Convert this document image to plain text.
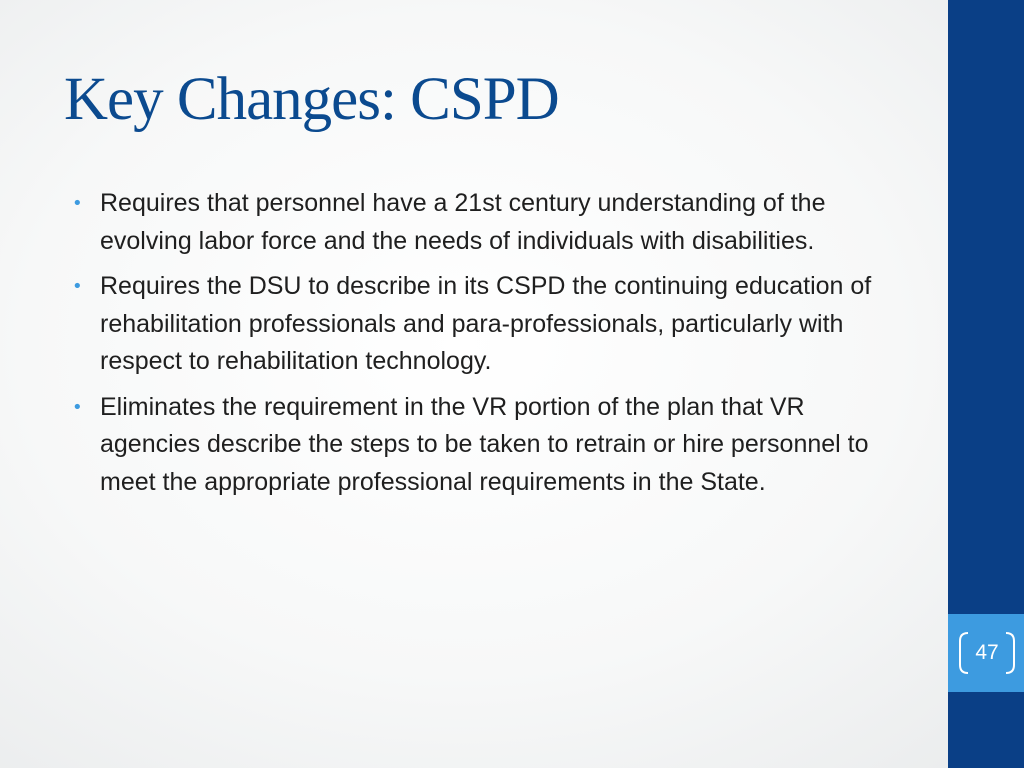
Key Changes: CSPD
• Requires that personnel have a 21st century understanding of the evolving labor force and the needs of individuals with disabilities.
• Requires the DSU to describe in its CSPD the continuing education of rehabilitation professionals and para-professionals, particularly with respect to rehabilitation technology.
• Eliminates the requirement in the VR portion of the plan that VR agencies describe the steps to be taken to retrain or hire personnel to meet the appropriate professional requirements in the State.
47
